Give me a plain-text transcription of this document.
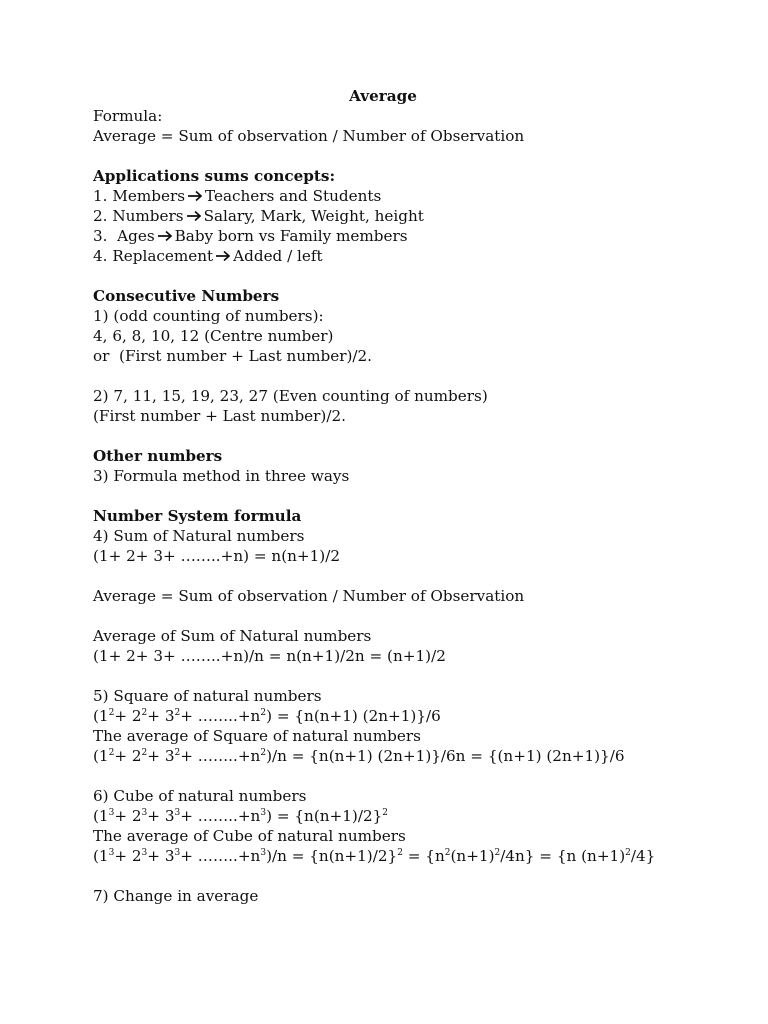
Average
Formula:
Average = Sum of observation / Number of Observation
Applications sums concepts:
1. Members Teachers and Students
2. Numbers Salary, Mark, Weight, height
3.  Ages Baby born vs Family members
4. Replacement Added / left
Consecutive Numbers
1) (odd counting of numbers):
4, 6, 8, 10, 12 (Centre number)
or  (First number + Last number)/2.
2) 7, 11, 15, 19, 23, 27 (Even counting of numbers)
(First number + Last number)/2.
Other numbers
3) Formula method in three ways
Number System formula
4) Sum of Natural numbers
(1+ 2+ 3+ ……..+n) = n(n+1)/2
Average = Sum of observation / Number of Observation
Average of Sum of Natural numbers
(1+ 2+ 3+ ……..+n)/n = n(n+1)/2n = (n+1)/2
5) Square of natural numbers
($1^2+ 2^2+ 3^2+$ $\dots\dots..+n^2) = \{n(n+1)$ (2n+1)}/6
The average of Square of natural numbers
($1^2+ 2^2+ 3^2+$ $\dots\dots..+n^2)/n = \{n(n+1)$ (2n+1)}/6n = {(n+1) (2n+1)}/6
6) Cube of natural numbers
($1^3+ 2^3+ 3^3+$ $\dots\dots..+n^3) = \{n(n+1)/2\}^2$
The average of Cube of natural numbers
($1^3+ 2^3+ 3^3+$ $\dots\dots..+n^3)/n = \{n(n+1)/2\}^2 = \{n^2(n+1)^2/4n\} = \{n$ $(n+1)^2/4$}
7) Change in average
